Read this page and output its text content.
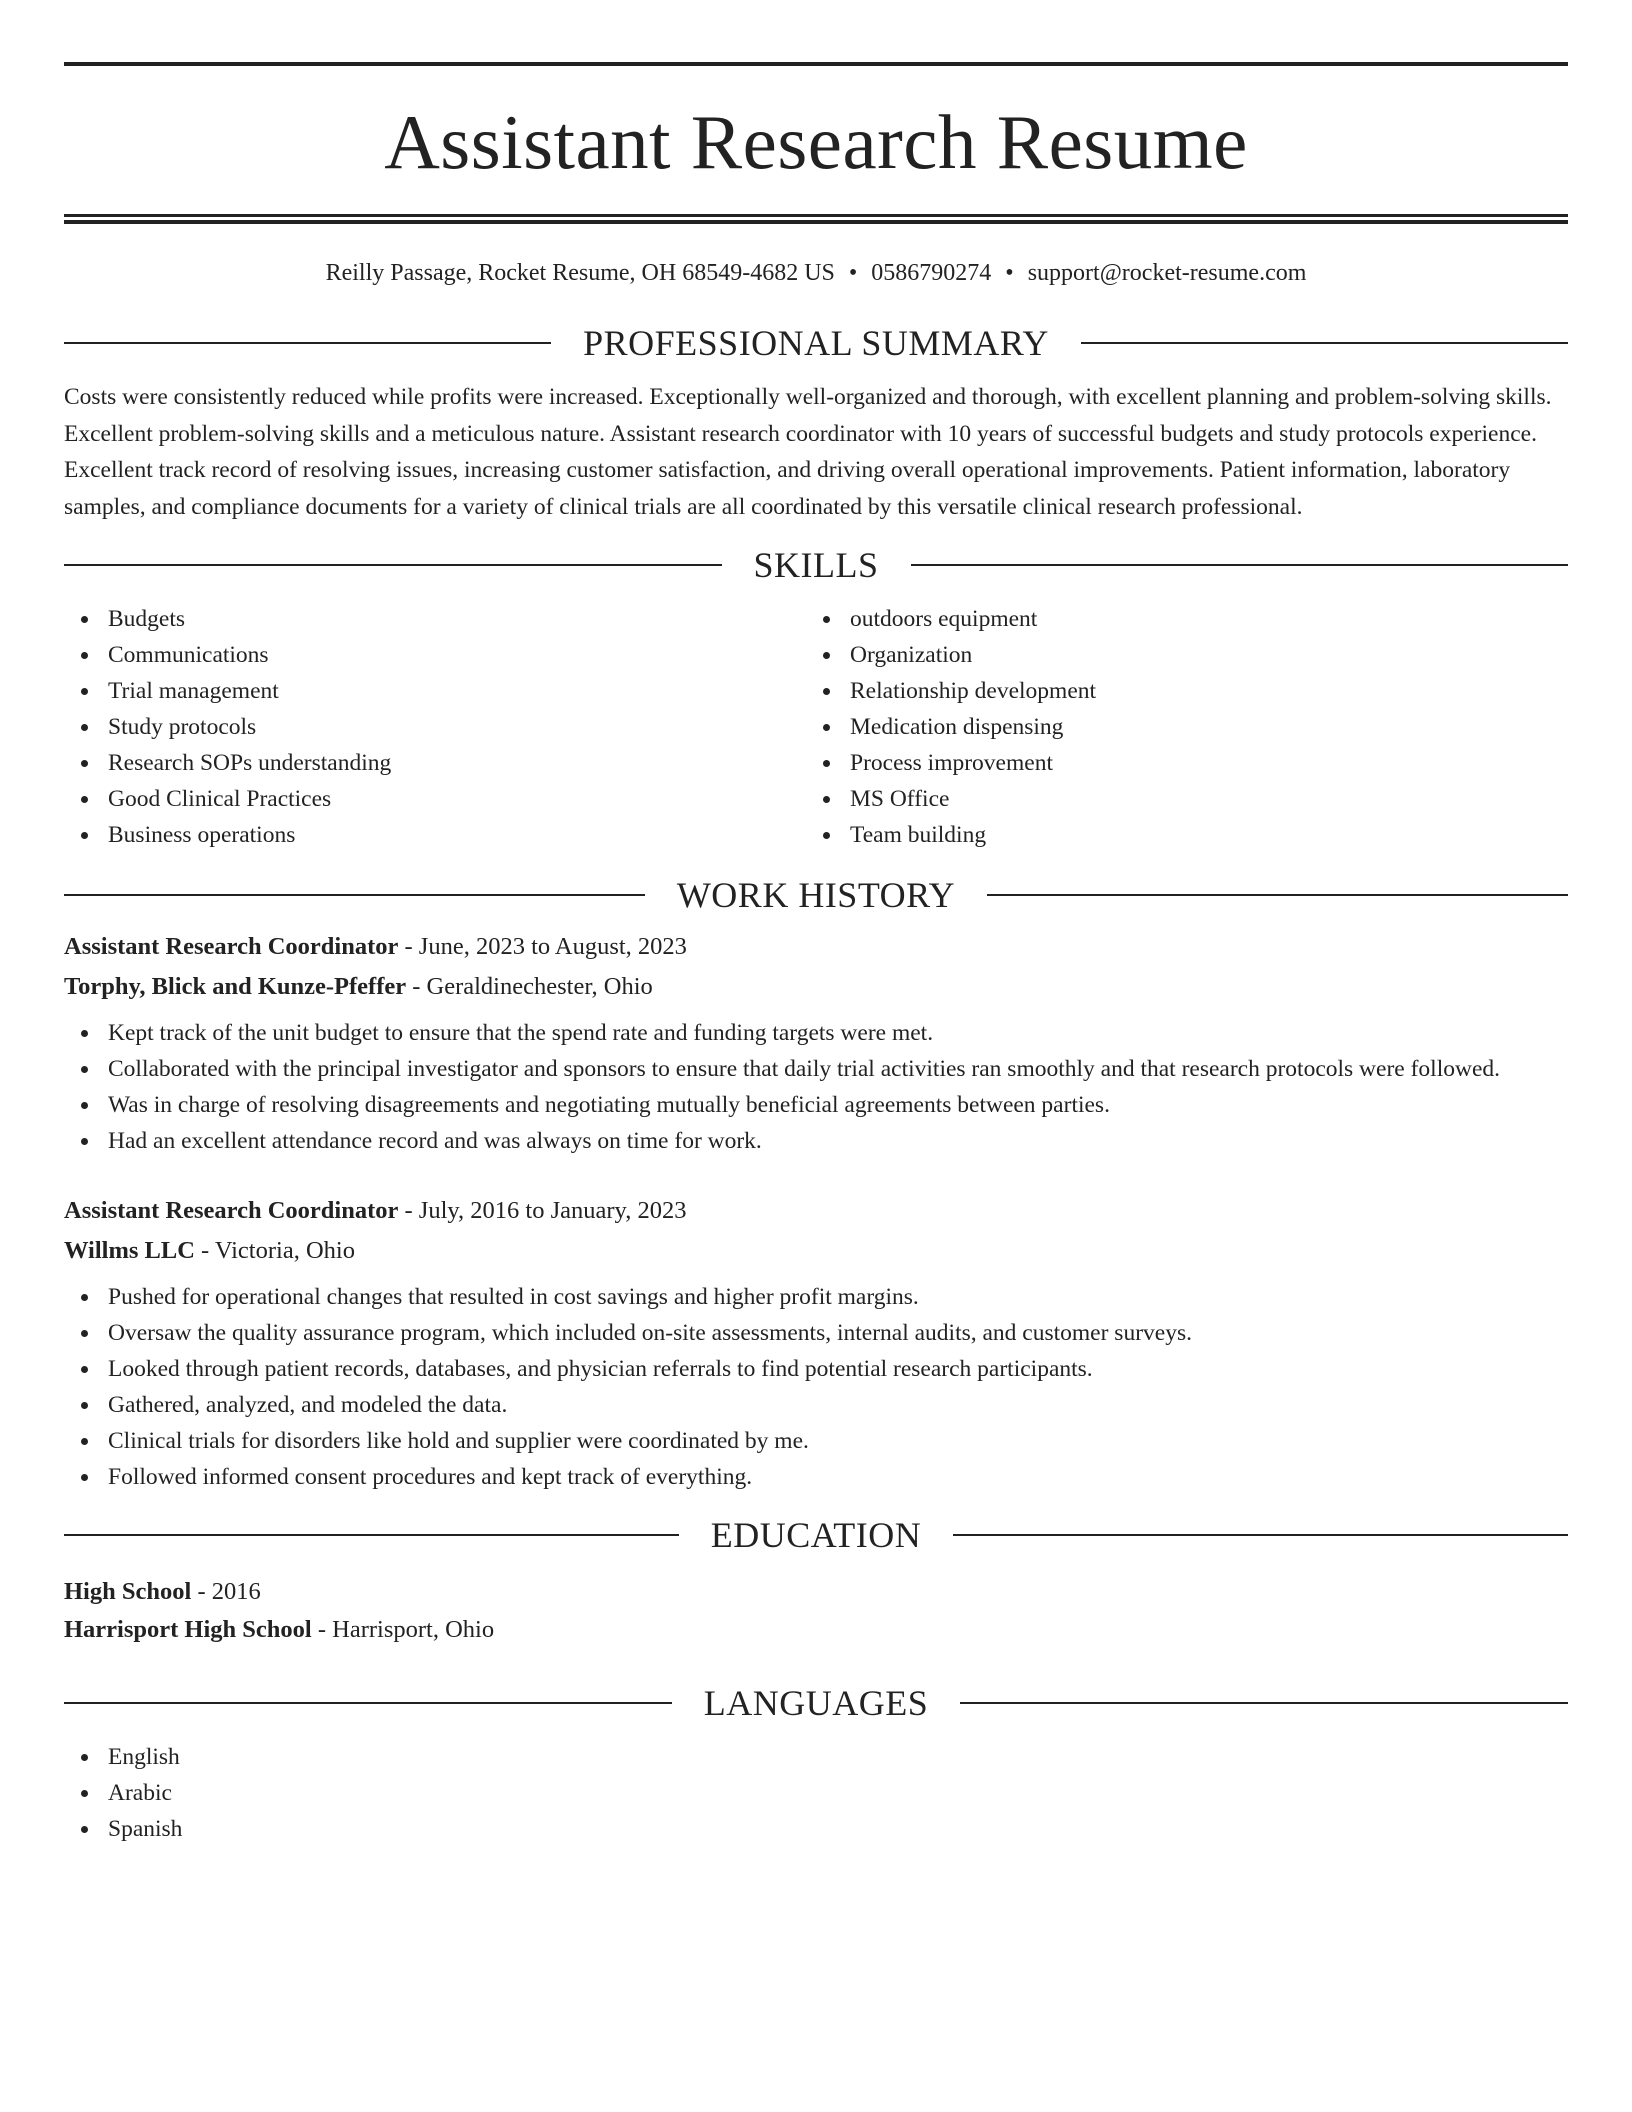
Assistant Research Resume
Reilly Passage, Rocket Resume, OH 68549-4682 US • 0586790274 • support@rocket-resume.com
PROFESSIONAL SUMMARY

Costs were consistently reduced while profits were increased. Exceptionally well-organized and thorough, with excellent planning and problem-solving skills. Excellent problem-solving skills and a meticulous nature. Assistant research coordinator with 10 years of successful budgets and study protocols experience. Excellent track record of resolving issues, increasing customer satisfaction, and driving overall operational improvements. Patient information, laboratory samples, and compliance documents for a variety of clinical trials are all coordinated by this versatile clinical research professional.

SKILLS
Budgets
Communications
Trial management
Study protocols
Research SOPs understanding
Good Clinical Practices
Business operations
outdoors equipment
Organization
Relationship development
Medication dispensing
Process improvement
MS Office
Team building
WORK HISTORY
Assistant Research Coordinator - June, 2023 to August, 2023
Torphy, Blick and Kunze-Pfeffer - Geraldinechester, Ohio
Kept track of the unit budget to ensure that the spend rate and funding targets were met.
Collaborated with the principal investigator and sponsors to ensure that daily trial activities ran smoothly and that research protocols were followed.
Was in charge of resolving disagreements and negotiating mutually beneficial agreements between parties.
Had an excellent attendance record and was always on time for work.
Assistant Research Coordinator - July, 2016 to January, 2023
Willms LLC - Victoria, Ohio
Pushed for operational changes that resulted in cost savings and higher profit margins.
Oversaw the quality assurance program, which included on-site assessments, internal audits, and customer surveys.
Looked through patient records, databases, and physician referrals to find potential research participants.
Gathered, analyzed, and modeled the data.
Clinical trials for disorders like hold and supplier were coordinated by me.
Followed informed consent procedures and kept track of everything.
EDUCATION
High School - 2016
Harrisport High School - Harrisport, Ohio
LANGUAGES
English
Arabic
Spanish
